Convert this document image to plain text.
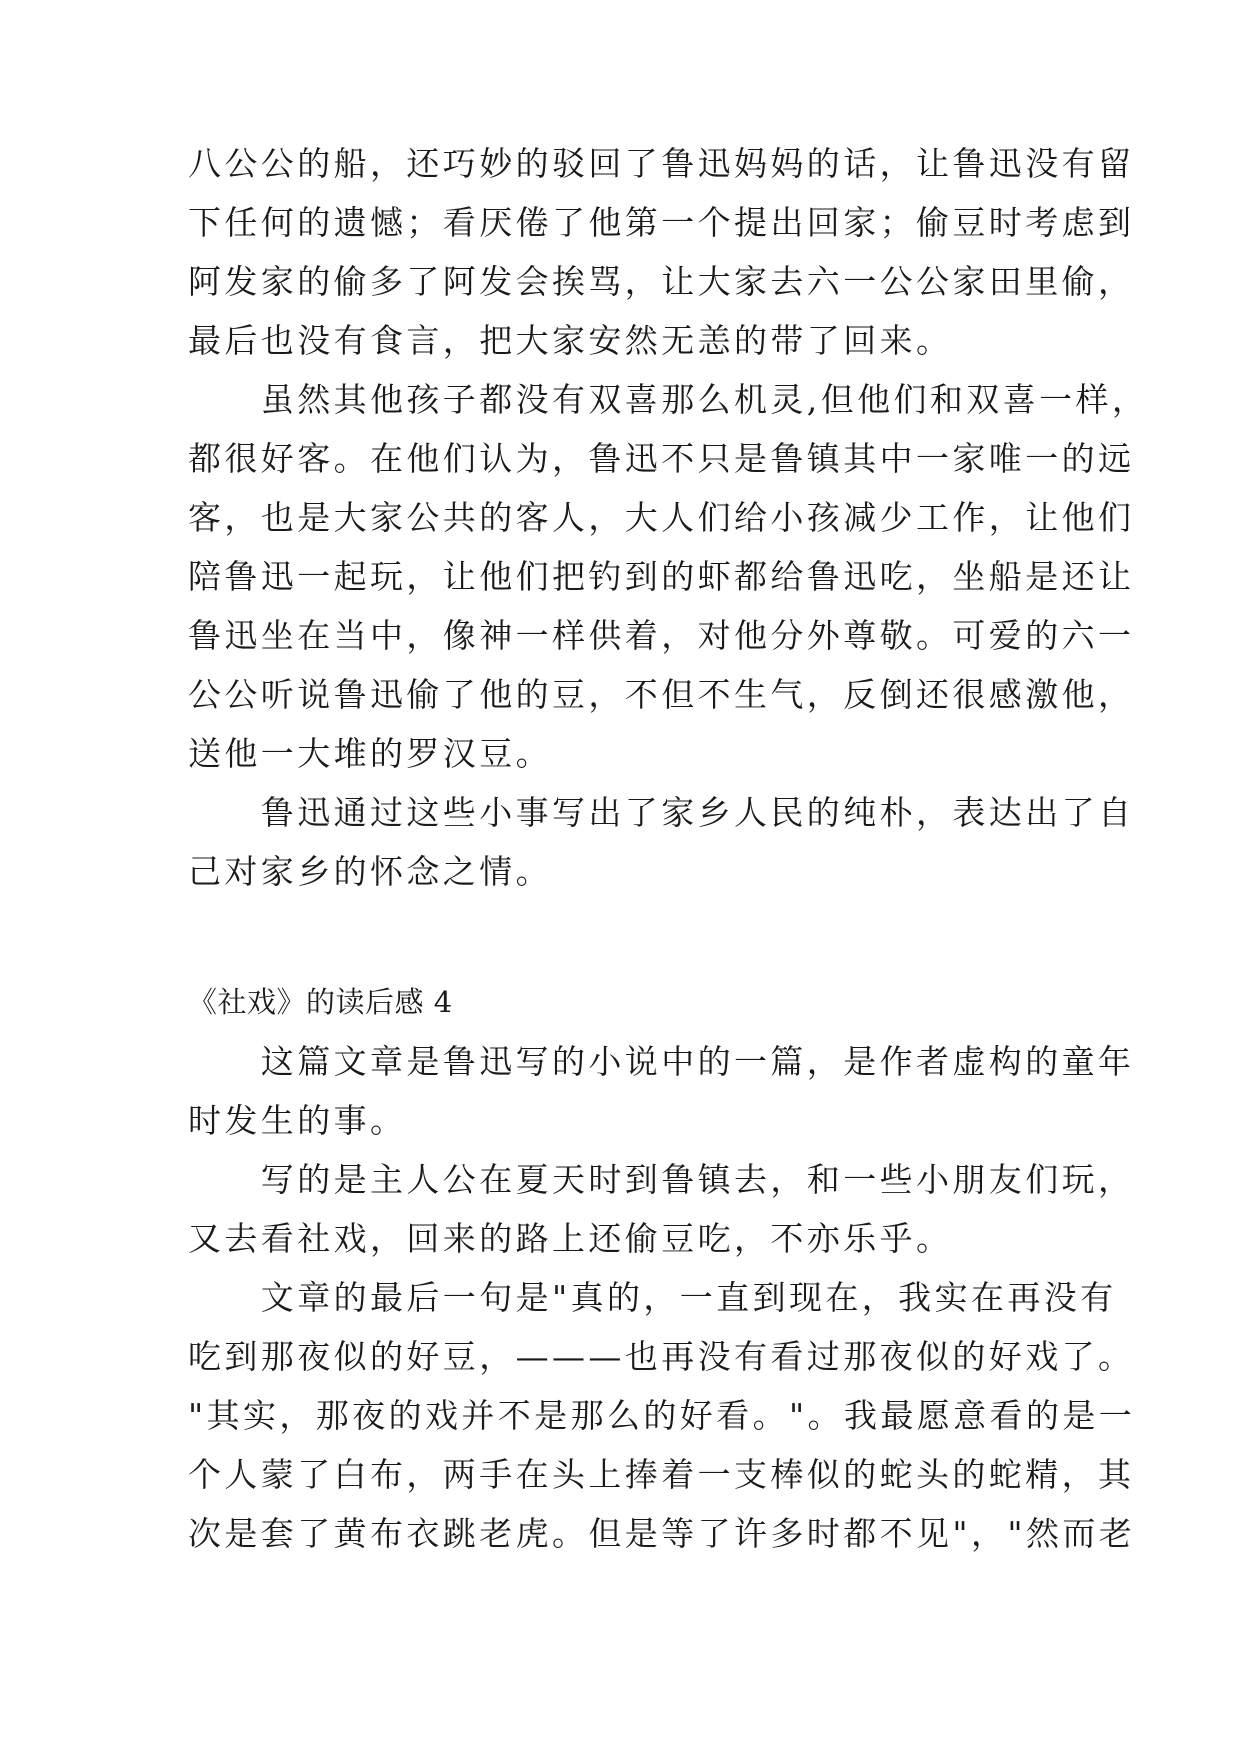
八公公的船，还巧妙的驳回了鲁迅妈妈的话，让鲁迅没有留
下任何的遗憾；看厌倦了他第一个提出回家；偷豆时考虑到
阿发家的偷多了阿发会挨骂，让大家去六一公公家田里偷，
最后也没有食言，把大家安然无恙的带了回来。
　　虽然其他孩子都没有双喜那么机灵,但他们和双喜一样，
都很好客。在他们认为，鲁迅不只是鲁镇其中一家唯一的远
客，也是大家公共的客人，大人们给小孩减少工作，让他们
陪鲁迅一起玩，让他们把钓到的虾都给鲁迅吃，坐船是还让
鲁迅坐在当中，像神一样供着，对他分外尊敬。可爱的六一
公公听说鲁迅偷了他的豆，不但不生气，反倒还很感激他，
送他一大堆的罗汉豆。
　　鲁迅通过这些小事写出了家乡人民的纯朴，表达出了自
己对家乡的怀念之情。
《社戏》的读后感 4
　　这篇文章是鲁迅写的小说中的一篇，是作者虚构的童年
时发生的事。
　　写的是主人公在夏天时到鲁镇去，和一些小朋友们玩，
又去看社戏，回来的路上还偷豆吃，不亦乐乎。
　　文章的最后一句是"真的，一直到现在，我实在再没有
吃到那夜似的好豆，———也再没有看过那夜似的好戏了。
"其实，那夜的戏并不是那么的好看。"。我最愿意看的是一
个人蒙了白布，两手在头上捧着一支棒似的蛇头的蛇精，其
次是套了黄布衣跳老虎。但是等了许多时都不见"，"然而老
